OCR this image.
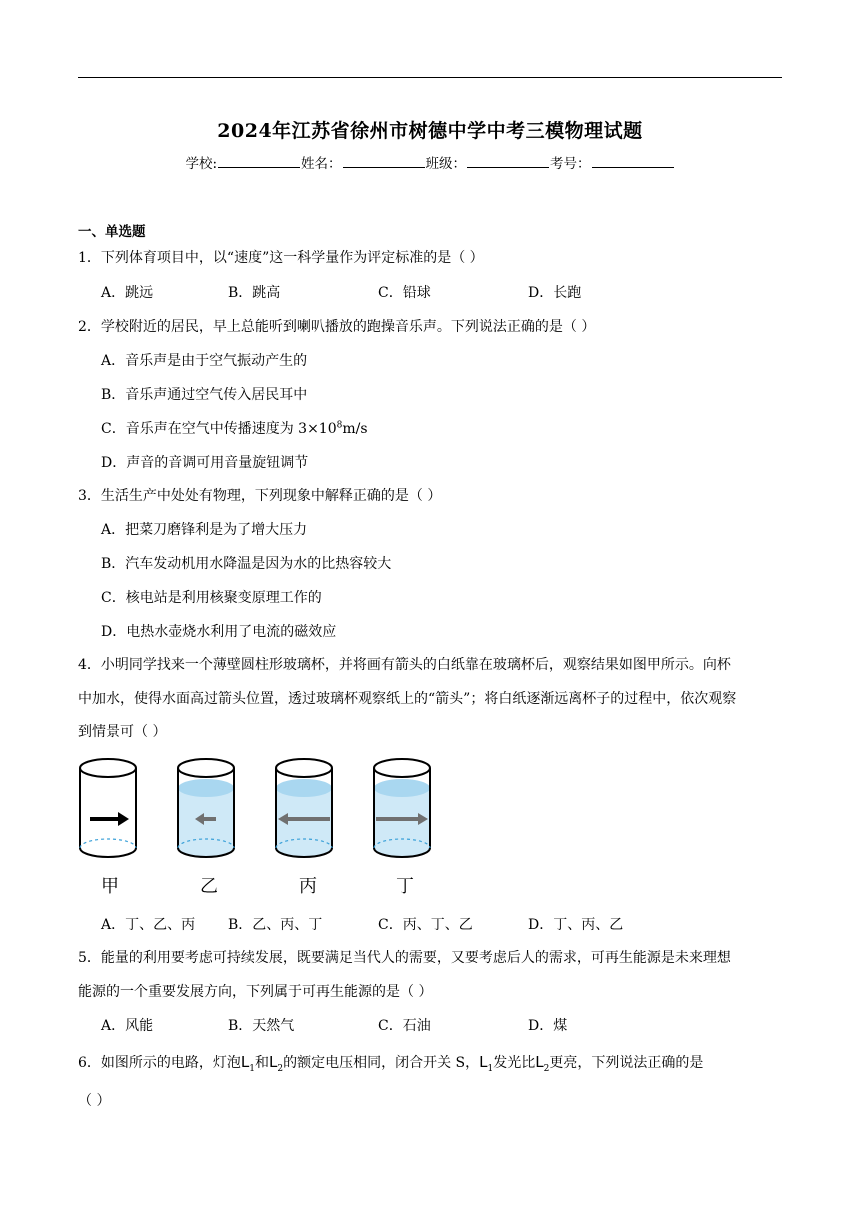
2024年江苏省徐州市树德中学中考三模物理试题
学校:	姓名：	班级：	考号：
一、单选题
1．下列体育项目中，以“速度”这一科学量作为评定标准的是（ ）
A．跳远	B．跳高	C．铅球	D．长跑
2．学校附近的居民，早上总能听到喇叭播放的跑操音乐声。下列说法正确的是（ ）
A．音乐声是由于空气振动产生的
B．音乐声通过空气传入居民耳中
C．音乐声在空气中传播速度为 $3\times 10^8m/s$
D．声音的音调可用音量旋钮调节
3．生活生产中处处有物理，下列现象中解释正确的是（ ）
A．把菜刀磨锋利是为了增大压力
B．汽车发动机用水降温是因为水的比热容较大
C．核电站是利用核聚变原理工作的
D．电热水壶烧水利用了电流的磁效应
4．小明同学找来一个薄壁圆柱形玻璃杯，并将画有箭头的白纸靠在玻璃杯后，观察结果如图甲所示。向杯
中加水，使得水面高过箭头位置，透过玻璃杯观察纸上的“箭头”；将白纸逐渐远离杯子的过程中，依次观察
到情景可（ ）
甲	乙	丙	丁
A．丁、乙、丙 B．乙、丙、丁	C．丙、丁、乙	D．丁、丙、乙
5．能量的利用要考虑可持续发展，既要满足当代人的需要，又要考虑后人的需求，可再生能源是未来理想
能源的一个重要发展方向，下列属于可再生能源的是（ ）
A．风能	B．天然气	C．石油	D．煤
6．如图所示的电路，灯泡$L_1$和$L_2$的额定电压相同，闭合开关 S，$L_1$发光比$L_2$更亮，下列说法正确的是
（ ）
